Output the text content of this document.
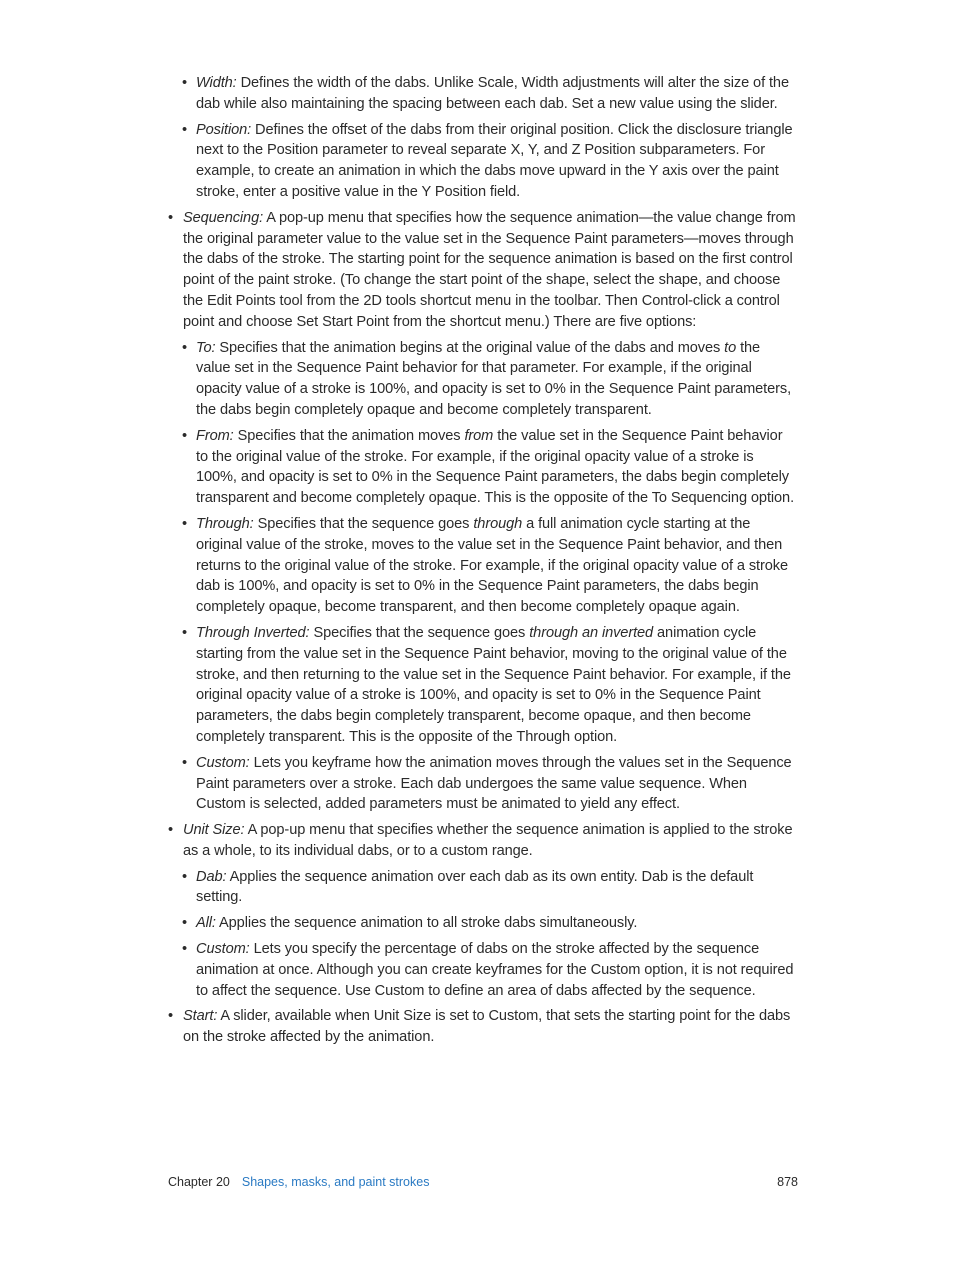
• Width: Defines the width of the dabs. Unlike Scale, Width adjustments will alter the size of the dab while also maintaining the spacing between each dab. Set a new value using the slider.
• Position: Defines the offset of the dabs from their original position. Click the disclosure triangle next to the Position parameter to reveal separate X, Y, and Z Position subparameters. For example, to create an animation in which the dabs move upward in the Y axis over the paint stroke, enter a positive value in the Y Position field.
• Sequencing: A pop-up menu that specifies how the sequence animation—the value change from the original parameter value to the value set in the Sequence Paint parameters—moves through the dabs of the stroke. The starting point for the sequence animation is based on the first control point of the paint stroke. (To change the start point of the shape, select the shape, and choose the Edit Points tool from the 2D tools shortcut menu in the toolbar. Then Control-click a control point and choose Set Start Point from the shortcut menu.) There are five options:
• To: Specifies that the animation begins at the original value of the dabs and moves to the value set in the Sequence Paint behavior for that parameter. For example, if the original opacity value of a stroke is 100%, and opacity is set to 0% in the Sequence Paint parameters, the dabs begin completely opaque and become completely transparent.
• From: Specifies that the animation moves from the value set in the Sequence Paint behavior to the original value of the stroke. For example, if the original opacity value of a stroke is 100%, and opacity is set to 0% in the Sequence Paint parameters, the dabs begin completely transparent and become completely opaque. This is the opposite of the To Sequencing option.
• Through: Specifies that the sequence goes through a full animation cycle starting at the original value of the stroke, moves to the value set in the Sequence Paint behavior, and then returns to the original value of the stroke. For example, if the original opacity value of a stroke dab is 100%, and opacity is set to 0% in the Sequence Paint parameters, the dabs begin completely opaque, become transparent, and then become completely opaque again.
• Through Inverted: Specifies that the sequence goes through an inverted animation cycle starting from the value set in the Sequence Paint behavior, moving to the original value of the stroke, and then returning to the value set in the Sequence Paint behavior. For example, if the original opacity value of a stroke is 100%, and opacity is set to 0% in the Sequence Paint parameters, the dabs begin completely transparent, become opaque, and then become completely transparent. This is the opposite of the Through option.
• Custom: Lets you keyframe how the animation moves through the values set in the Sequence Paint parameters over a stroke. Each dab undergoes the same value sequence. When Custom is selected, added parameters must be animated to yield any effect.
• Unit Size: A pop-up menu that specifies whether the sequence animation is applied to the stroke as a whole, to its individual dabs, or to a custom range.
• Dab: Applies the sequence animation over each dab as its own entity. Dab is the default setting.
• All: Applies the sequence animation to all stroke dabs simultaneously.
• Custom: Lets you specify the percentage of dabs on the stroke affected by the sequence animation at once. Although you can create keyframes for the Custom option, it is not required to affect the sequence. Use Custom to define an area of dabs affected by the sequence.
• Start: A slider, available when Unit Size is set to Custom, that sets the starting point for the dabs on the stroke affected by the animation.
Chapter 20 Shapes, masks, and paint strokes	878
